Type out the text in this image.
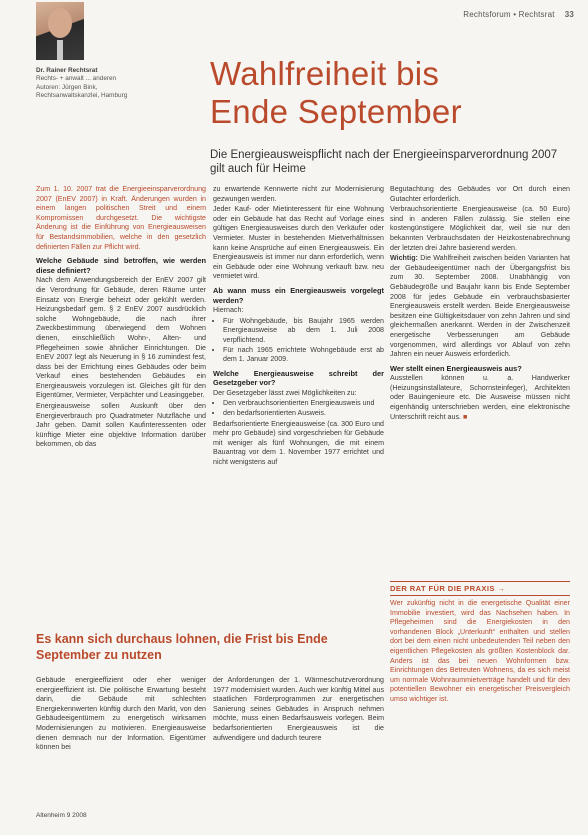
Rechtsforum • Rechtsrat 33
Dr. Rainer Rechtsrat
Rechts- + anwalt ... anderen
Autoren: Jürgen Bink, Rechtsanwaltskanzlei, Hamburg
Wahlfreiheit bis
Ende September
Die Energieausweispflicht nach der Energieeinsparverordnung 2007 gilt auch für Heime

Zum 1. 10. 2007 trat die Energieeinsparverordnung 2007 (EnEV 2007) in Kraft. Änderungen wurden in einem langen politischen Streit und einem Kompromissen durchgesetzt. Die wichtigste Änderung ist die Einführung von Energieausweisen für Bestandsimmobilien, welche in den gesetzlich definierten Fällen zur Pflicht wird.

Welche Gebäude sind betroffen, wie werden diese definiert?

Nach dem Anwendungsbereich der EnEV 2007 gilt die Verordnung für Gebäude, deren Räume unter Einsatz von Energie beheizt oder gekühlt werden. Heizungsbedarf gem. § 2 EnEV 2007 ausdrücklich solche Wohngebäude, die nach ihrer Zweckbestimmung überwiegend dem Wohnen dienen, einschließlich Wohn-, Alten- und Pflegeheimen sowie ähnlicher Einrichtungen. Die EnEV 2007 legt als Neuerung in § 16 zumindest fest, dass bei der Errichtung eines Gebäudes oder beim Verkauf eines bestehenden Gebäudes ein Energieausweis vorzulegen ist. Gleiches gilt für den Eigentümer, Vermieter, Verpächter und Leasinggeber.

Energieausweise sollen Auskunft über den Energieverbrauch pro Quadratmeter Nutzfläche und Jahr geben. Damit sollen Kaufinteressenten oder künftige Mieter eine objektive Information darüber bekommen, ob das

zu erwartende Kennwerte nicht zur Modernisierung gezwungen werden.

Jeder Kauf- oder Mietinteressent für eine Wohnung oder ein Gebäude hat das Recht auf Vorlage eines gültigen Energieausweises durch den Verkäufer oder Vermieter. Muster in bestehenden Mietverhältnissen kann keine Ansprüche auf einen Energieausweis. Ein Energieausweis ist immer nur dann erforderlich, wenn ein Gebäude oder eine Wohnung verkauft bzw. neu vermietet wird.

Ab wann muss ein Energieausweis vorgelegt werden?

Hiernach:

• Für Wohngebäude, bis Baujahr 1965 werden Energieausweise ab dem 1. Juli 2008 verpflichtend.
• Für nach 1965 errichtete Wohngebäude erst ab dem 1. Januar 2009.

Welche Energieausweise schreibt der Gesetzgeber vor?

Der Gesetzgeber lässt zwei Möglichkeiten zu:

• Den verbrauchsorientierten Energieausweis und
• den bedarfsorientierten Ausweis.

Bedarfsorientierte Energieausweise (ca. 300 Euro und mehr pro Gebäude) sind vorgeschrieben für Gebäude mit weniger als fünf Wohnungen, die mit einem Bauantrag vor dem 1. November 1977 errichtet und nicht wenigstens auf

Begutachtung des Gebäudes vor Ort durch einen Gutachter erforderlich.

Verbrauchsorientierte Energieausweise (ca. 50 Euro) sind in anderen Fällen zulässig. Sie stellen eine kostengünstigere Möglichkeit dar, weil sie nur den bekannten Verbrauchsdaten der Heizkostenabrechnung der letzten drei Jahre basierend werden.

Wichtig: Die Wahlfreiheit zwischen beiden Varianten hat der Gebäudeeigentümer nach der Übergangsfrist bis zum 30. September 2008. Unabhängig von Gebäudegröße und Baujahr kann bis Ende September 2008 für jedes Gebäude ein verbrauchsbasierter Energieausweis erstellt werden. Beide Energieausweise besitzen eine Gültigkeitsdauer von zehn Jahren und sind gleichermaßen anerkannt. Werden in der Zwischenzeit energetische Verbesserungen am Gebäude vorgenommen, wird allerdings vor Ablauf von zehn Jahren ein neuer Ausweis erforderlich.

Wer stellt einen Energieausweis aus?

Ausstellen können u. a. Handwerker (Heizungsinstallateure, Schornsteinfeger), Architekten oder Bauingenieure etc. Die Ausweise müssen nicht eigenhändig unterschrieben werden, eine elektronische Unterschrift reicht aus. ■

Es kann sich durchaus lohnen, die Frist bis Ende September zu nutzen

Gebäude energieeffizient oder eher weniger energieeffizient ist. Die politische Erwartung besteht darin, die Gebäude mit schlechten Energiekennwerten künftig durch den Markt, von den Gebäudeeigentümern zu energetisch wirksamen Modernisierungen zu motivieren. Energieausweise dienen demnach nur der Information. Eigentümer können bei

der Anforderungen der 1. Wärmeschutzverordnung 1977 modernisiert wurden. Auch wer künftig Mittel aus staatlichen Förderprogrammen zur energetischen Sanierung seines Gebäudes in Anspruch nehmen möchte, muss einen Bedarfsausweis vorlegen. Beim bedarfsorientierten Energieausweis ist die aufwendigere und dadurch teurere

DER RAT FÜR DIE PRAXIS →
Wer zukünftig nicht in die energetische Qualität einer Immobilie investiert, wird das Nachsehen haben. In Pflegeheimen sind die Energiekosten in den vorhandenen Block „Unterkunft“ enthalten und stellen dort bei dem einen nicht unbedeutenden Teil neben den eigentlichen Pflegekosten als größten Kostenblock dar. Anders ist das bei neuen Wohnformen bzw. Einrichtungen des Betreuten Wohnens, da es sich meist um normale Wohnraummietverträge handelt und für den potentiellen Bewohner ein energetischer Preisvergleich umso wichtiger ist.
Altenheim 9 2008
